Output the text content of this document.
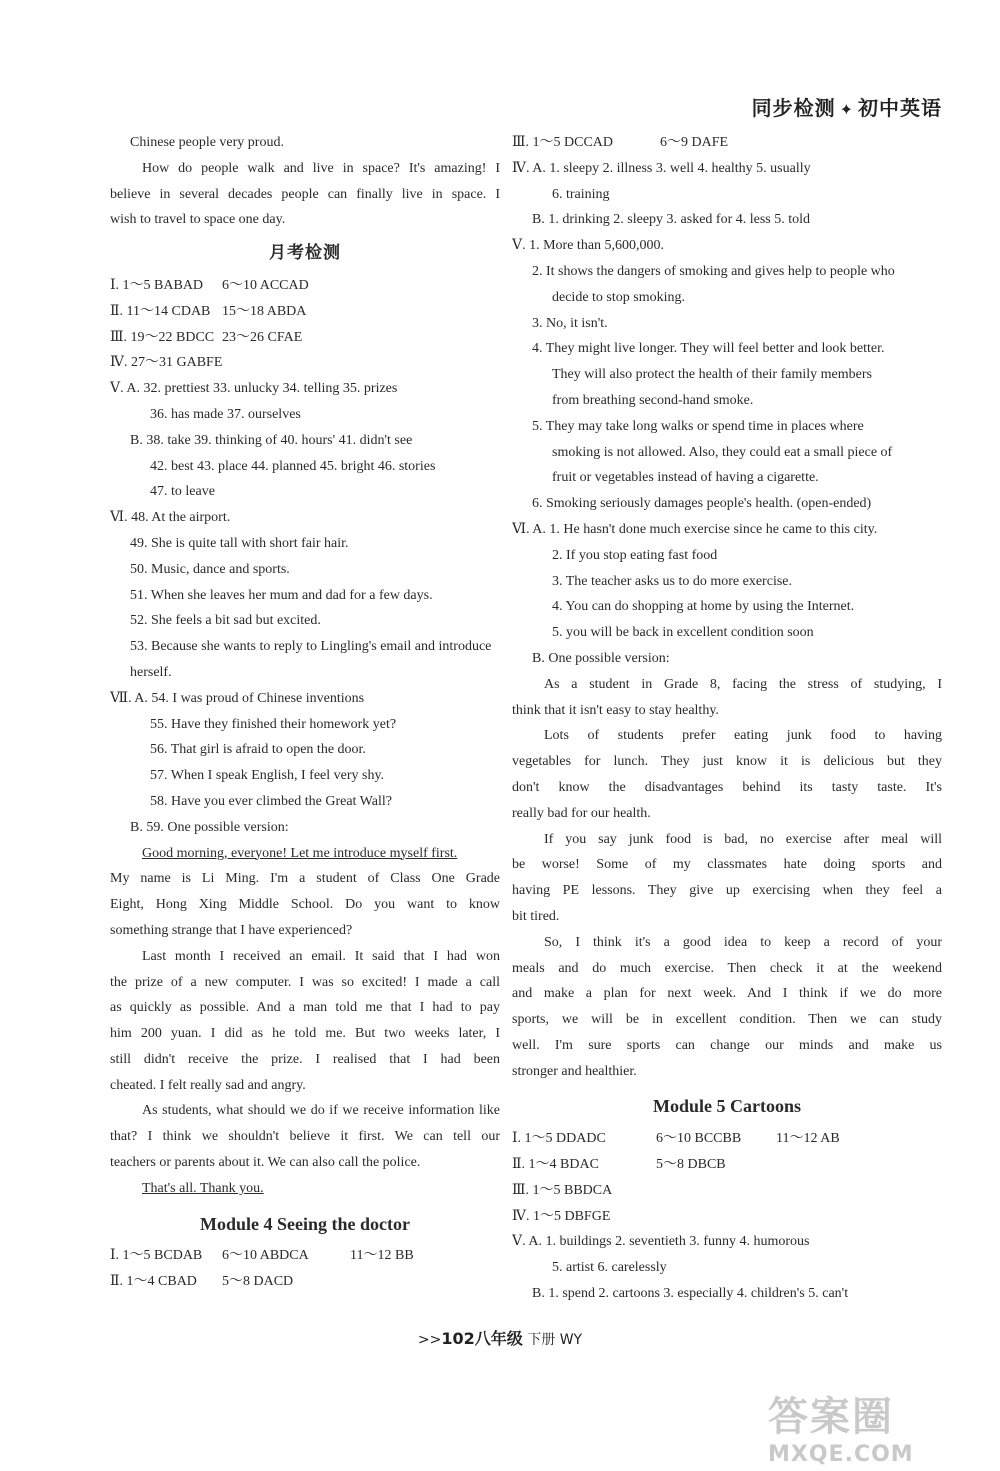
同步检测 ✦ 初中英语
Chinese people very proud.
How do people walk and live in space? It's amazing! I
believe in several decades people can finally live in space. I
wish to travel to space one day.
月考检测
Ⅰ. 1～5 BABAD 6～10 ACCAD
Ⅱ. 11～14 CDAB 15～18 ABDA
Ⅲ. 19～22 BDCC 23～26 CFAE
Ⅳ. 27～31 GABFE
Ⅴ. A. 32. prettiest 33. unlucky 34. telling 35. prizes
36. has made 37. ourselves
B. 38. take 39. thinking of 40. hours' 41. didn't see
42. best 43. place 44. planned 45. bright 46. stories
47. to leave
Ⅵ. 48. At the airport.
49. She is quite tall with short fair hair.
50. Music, dance and sports.
51. When she leaves her mum and dad for a few days.
52. She feels a bit sad but excited.
53. Because she wants to reply to Lingling's email and introduce
herself.
Ⅶ. A. 54. I was proud of Chinese inventions
55. Have they finished their homework yet?
56. That girl is afraid to open the door.
57. When I speak English, I feel very shy.
58. Have you ever climbed the Great Wall?
B. 59. One possible version:
Good morning, everyone! Let me introduce myself first.
My name is Li Ming. I'm a student of Class One Grade
Eight, Hong Xing Middle School. Do you want to know
something strange that I have experienced?
Last month I received an email. It said that I had won
the prize of a new computer. I was so excited! I made a call
as quickly as possible. And a man told me that I had to pay
him 200 yuan. I did as he told me. But two weeks later, I
still didn't receive the prize. I realised that I had been
cheated. I felt really sad and angry.
As students, what should we do if we receive information like
that? I think we shouldn't believe it first. We can tell our
teachers or parents about it. We can also call the police.
That's all. Thank you.
Module 4 Seeing the doctor
Ⅰ. 1～5 BCDAB 6～10 ABDCA	11～12 BB
Ⅱ. 1～4 CBAD 5～8 DACD
Ⅲ. 1～5 DCCAD	6～9 DAFE
Ⅳ. A. 1. sleepy 2. illness 3. well 4. healthy 5. usually
6. training
B. 1. drinking 2. sleepy 3. asked for 4. less 5. told
Ⅴ. 1. More than 5,600,000.
2. It shows the dangers of smoking and gives help to people who
decide to stop smoking.
3. No, it isn't.
4. They might live longer. They will feel better and look better.
They will also protect the health of their family members
from breathing second-hand smoke.
5. They may take long walks or spend time in places where
smoking is not allowed. Also, they could eat a small piece of
fruit or vegetables instead of having a cigarette.
6. Smoking seriously damages people's health. (open-ended)
Ⅵ. A. 1. He hasn't done much exercise since he came to this city.
2. If you stop eating fast food
3. The teacher asks us to do more exercise.
4. You can do shopping at home by using the Internet.
5. you will be back in excellent condition soon
B. One possible version:
As a student in Grade 8, facing the stress of studying, I
think that it isn't easy to stay healthy.
Lots of students prefer eating junk food to having
vegetables for lunch. They just know it is delicious but they
don't know the disadvantages behind its tasty taste. It's
really bad for our health.
If you say junk food is bad, no exercise after meal will
be worse! Some of my classmates hate doing sports and
having PE lessons. They give up exercising when they feel a
bit tired.
So, I think it's a good idea to keep a record of your
meals and do much exercise. Then check it at the weekend
and make a plan for next week. And I think if we do more
sports, we will be in excellent condition. Then we can study
well. I'm sure sports can change our minds and make us
stronger and healthier.
Module 5 Cartoons
Ⅰ. 1～5 DDADC	6～10 BCCBB 11～12 AB
Ⅱ. 1～4 BDAC	5～8 DBCB
Ⅲ. 1～5 BBDCA
Ⅳ. 1～5 DBFGE
Ⅴ. A. 1. buildings 2. seventieth 3. funny 4. humorous
5. artist 6. carelessly
B. 1. spend 2. cartoons 3. especially 4. children's 5. can't
>>102八年级 下册 WY
答案圈
MXQE.COM
